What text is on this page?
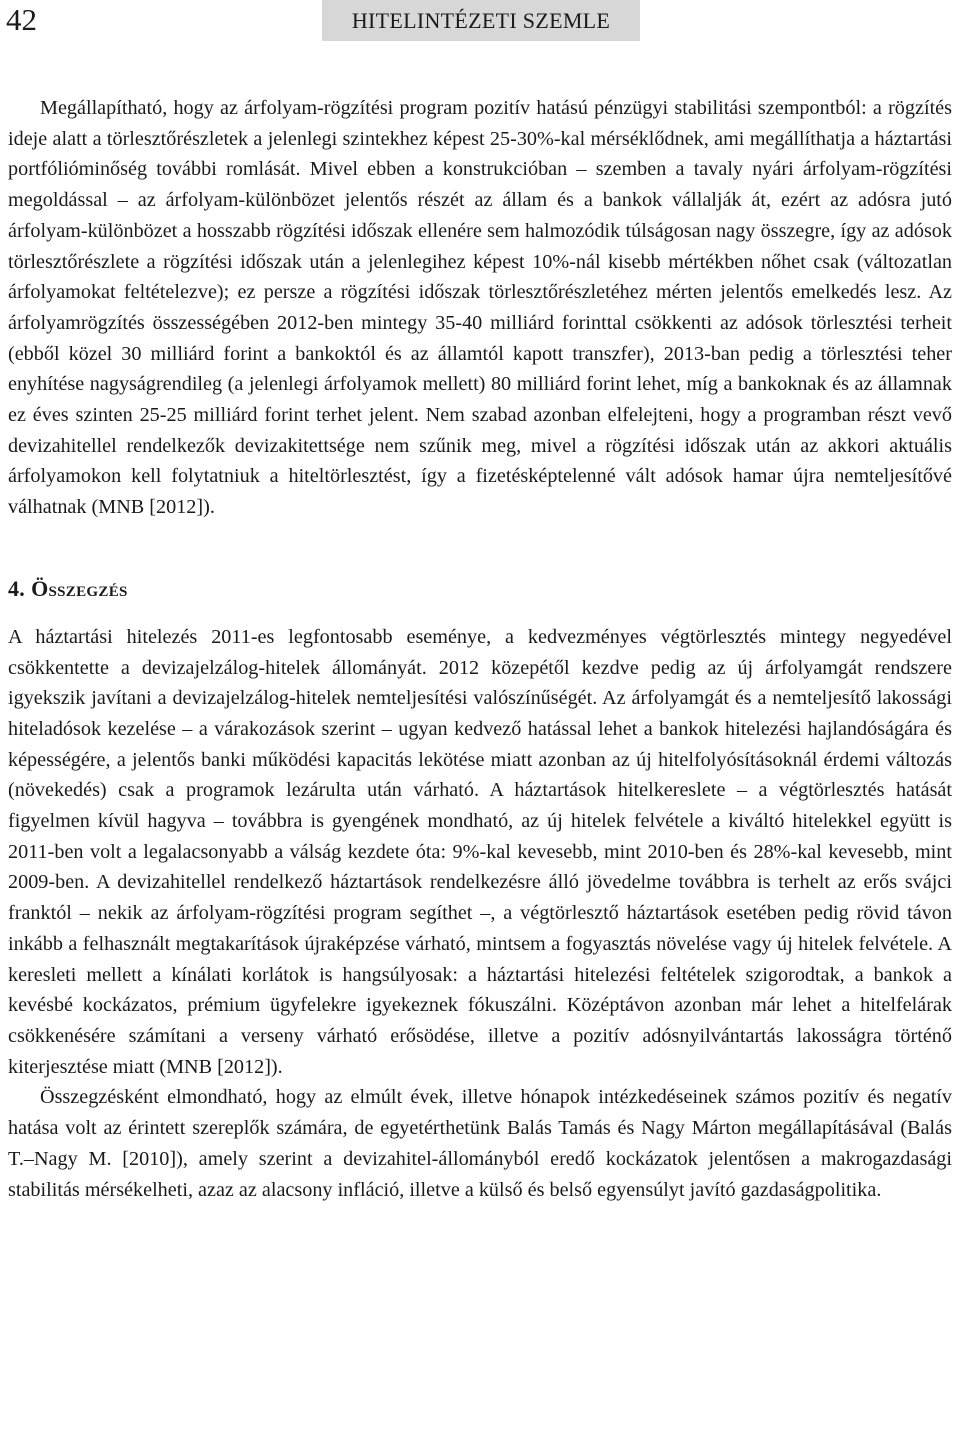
42	HITELINTÉZETI SZEMLE

Megállapítható, hogy az árfolyam-rögzítési program pozitív hatású pénzügyi stabilitási szempontból: a rögzítés ideje alatt a törlesztőrészletek a jelenlegi szintekhez képest 25-30%-kal mérséklődnek, ami megállíthatja a háztartási portfólióminőség további romlását. Mivel ebben a konstrukcióban – szemben a tavaly nyári árfolyam-rögzítési megoldással – az árfolyam-különbözet jelentős részét az állam és a bankok vállalják át, ezért az adósra jutó árfolyam-különbözet a hosszabb rögzítési időszak ellenére sem halmozódik túlságosan nagy összegre, így az adósok törlesztőrészlete a rögzítési időszak után a jelenlegihez képest 10%-nál kisebb mértékben nőhet csak (változatlan árfolyamokat feltételezve); ez persze a rögzítési időszak törlesztőrészletéhez mérten jelentős emelkedés lesz. Az árfolyamrögzítés összességében 2012-ben mintegy 35-40 milliárd forinttal csökkenti az adósok törlesztési terheit (ebből közel 30 milliárd forint a bankoktól és az államtól kapott transzfer), 2013-ban pedig a törlesztési teher enyhítése nagyságrendileg (a jelenlegi árfolyamok mellett) 80 milliárd forint lehet, míg a bankoknak és az államnak ez éves szinten 25-25 milliárd forint terhet jelent. Nem szabad azonban elfelejteni, hogy a programban részt vevő devizahitellel rendelkezők devizakitettsége nem szűnik meg, mivel a rögzítési időszak után az akkori aktuális árfolyamokon kell folytatniuk a hiteltörlesztést, így a fizetésképtelenné vált adósok hamar újra nemteljesítővé válhatnak (MNB [2012]).

4. Összegzés

A háztartási hitelezés 2011-es legfontosabb eseménye, a kedvezményes végtörlesztés mintegy negyedével csökkentette a devizajelzálog-hitelek állományát. 2012 közepétől kezdve pedig az új árfolyamgát rendszere igyekszik javítani a devizajelzálog-hitelek nemteljesítési valószínűségét. Az árfolyamgát és a nemteljesítő lakossági hiteladósok kezelése – a várakozások szerint – ugyan kedvező hatással lehet a bankok hitelezési hajlandóságára és képességére, a jelentős banki működési kapacitás lekötése miatt azonban az új hitelfolyósításoknál érdemi változás (növekedés) csak a programok lezárulta után várható. A háztartások hitelkereslete – a végtörlesztés hatását figyelmen kívül hagyva – továbbra is gyengének mondható, az új hitelek felvétele a kiváltó hitelekkel együtt is 2011-ben volt a legalacsonyabb a válság kezdete óta: 9%-kal kevesebb, mint 2010-ben és 28%-kal kevesebb, mint 2009-ben. A devizahitellel rendelkező háztartások rendelkezésre álló jövedelme továbbra is terhelt az erős svájci franktól – nekik az árfolyam-rögzítési program segíthet –, a végtörlesztő háztartások esetében pedig rövid távon inkább a felhasznált megtakarítások újraképzése várható, mintsem a fogyasztás növelése vagy új hitelek felvétele. A keresleti mellett a kínálati korlátok is hangsúlyosak: a háztartási hitelezési feltételek szigorodtak, a bankok a kevésbé kockázatos, prémium ügyfelekre igyekeznek fókuszálni. Középtávon azonban már lehet a hitelfelárak csökkenésére számítani a verseny várható erősödése, illetve a pozitív adósnyilvántartás lakosságra történő kiterjesztése miatt (MNB [2012]).

Összegzésként elmondható, hogy az elmúlt évek, illetve hónapok intézkedéseinek számos pozitív és negatív hatása volt az érintett szereplők számára, de egyetérthetünk Balás Tamás és Nagy Márton megállapításával (Balás T.–Nagy M. [2010]), amely szerint a devizahitel-állományból eredő kockázatok jelentősen a makrogazdasági stabilitás mérsékelheti, azaz az alacsony infláció, illetve a külső és belső egyensúlyt javító gazdaságpolitika.
